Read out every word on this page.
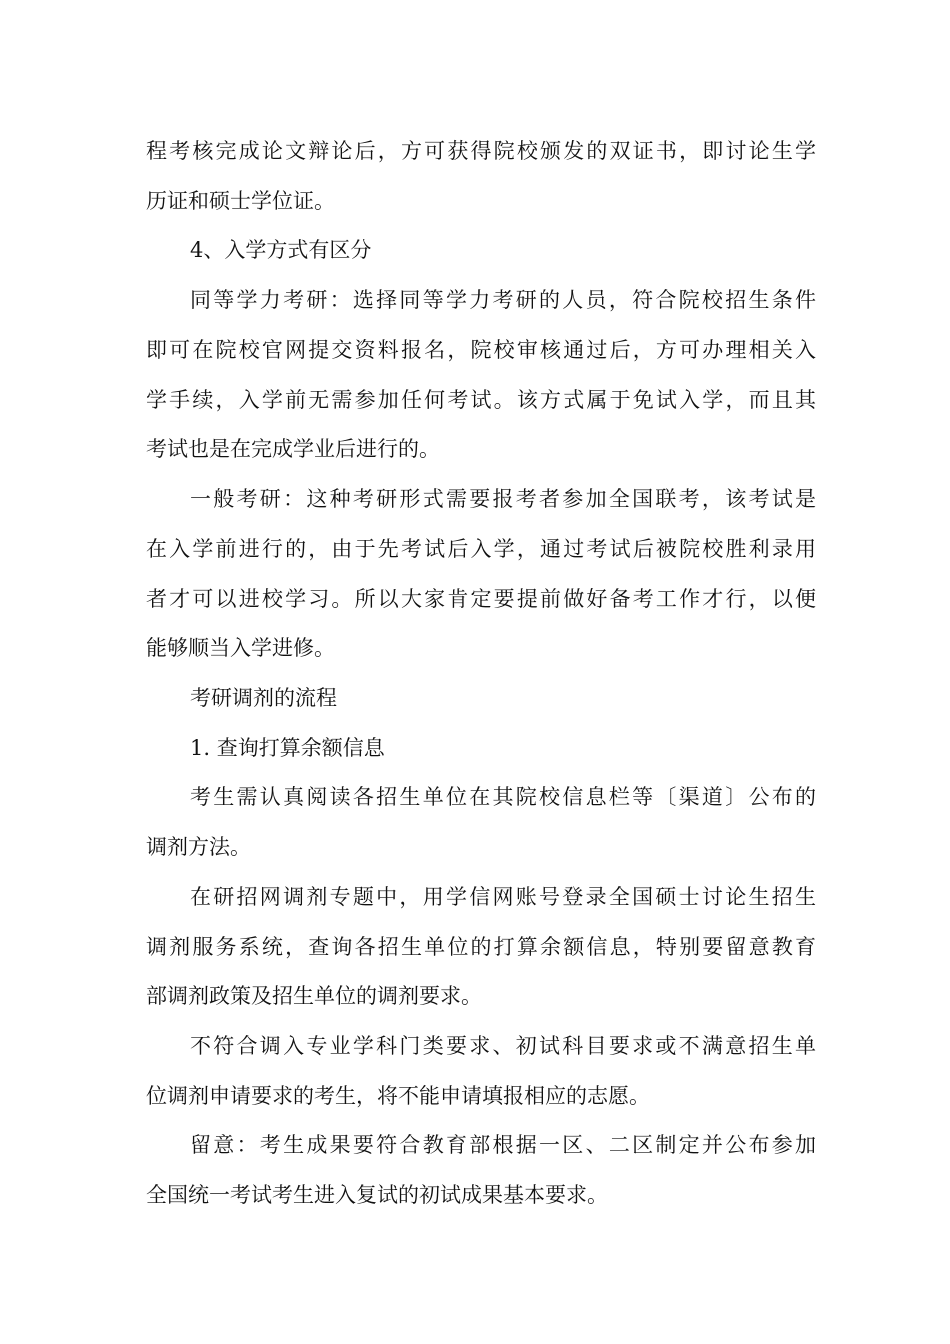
程考核完成论文辩论后，方可获得院校颁发的双证书，即讨论生学
历证和硕士学位证。
4、入学方式有区分
同等学力考研：选择同等学力考研的人员，符合院校招生条件
即可在院校官网提交资料报名，院校审核通过后，方可办理相关入
学手续，入学前无需参加任何考试。该方式属于免试入学，而且其
考试也是在完成学业后进行的。
一般考研：这种考研形式需要报考者参加全国联考，该考试是
在入学前进行的，由于先考试后入学，通过考试后被院校胜利录用
者才可以进校学习。所以大家肯定要提前做好备考工作才行，以便
能够顺当入学进修。
考研调剂的流程
1. 查询打算余额信息
考生需认真阅读各招生单位在其院校信息栏等〔渠道〕公布的
调剂方法。
在研招网调剂专题中，用学信网账号登录全国硕士讨论生招生
调剂服务系统，查询各招生单位的打算余额信息，特别要留意教育
部调剂政策及招生单位的调剂要求。
不符合调入专业学科门类要求、初试科目要求或不满意招生单
位调剂申请要求的考生，将不能申请填报相应的志愿。
留意：考生成果要符合教育部根据一区、二区制定并公布参加
全国统一考试考生进入复试的初试成果基本要求。
